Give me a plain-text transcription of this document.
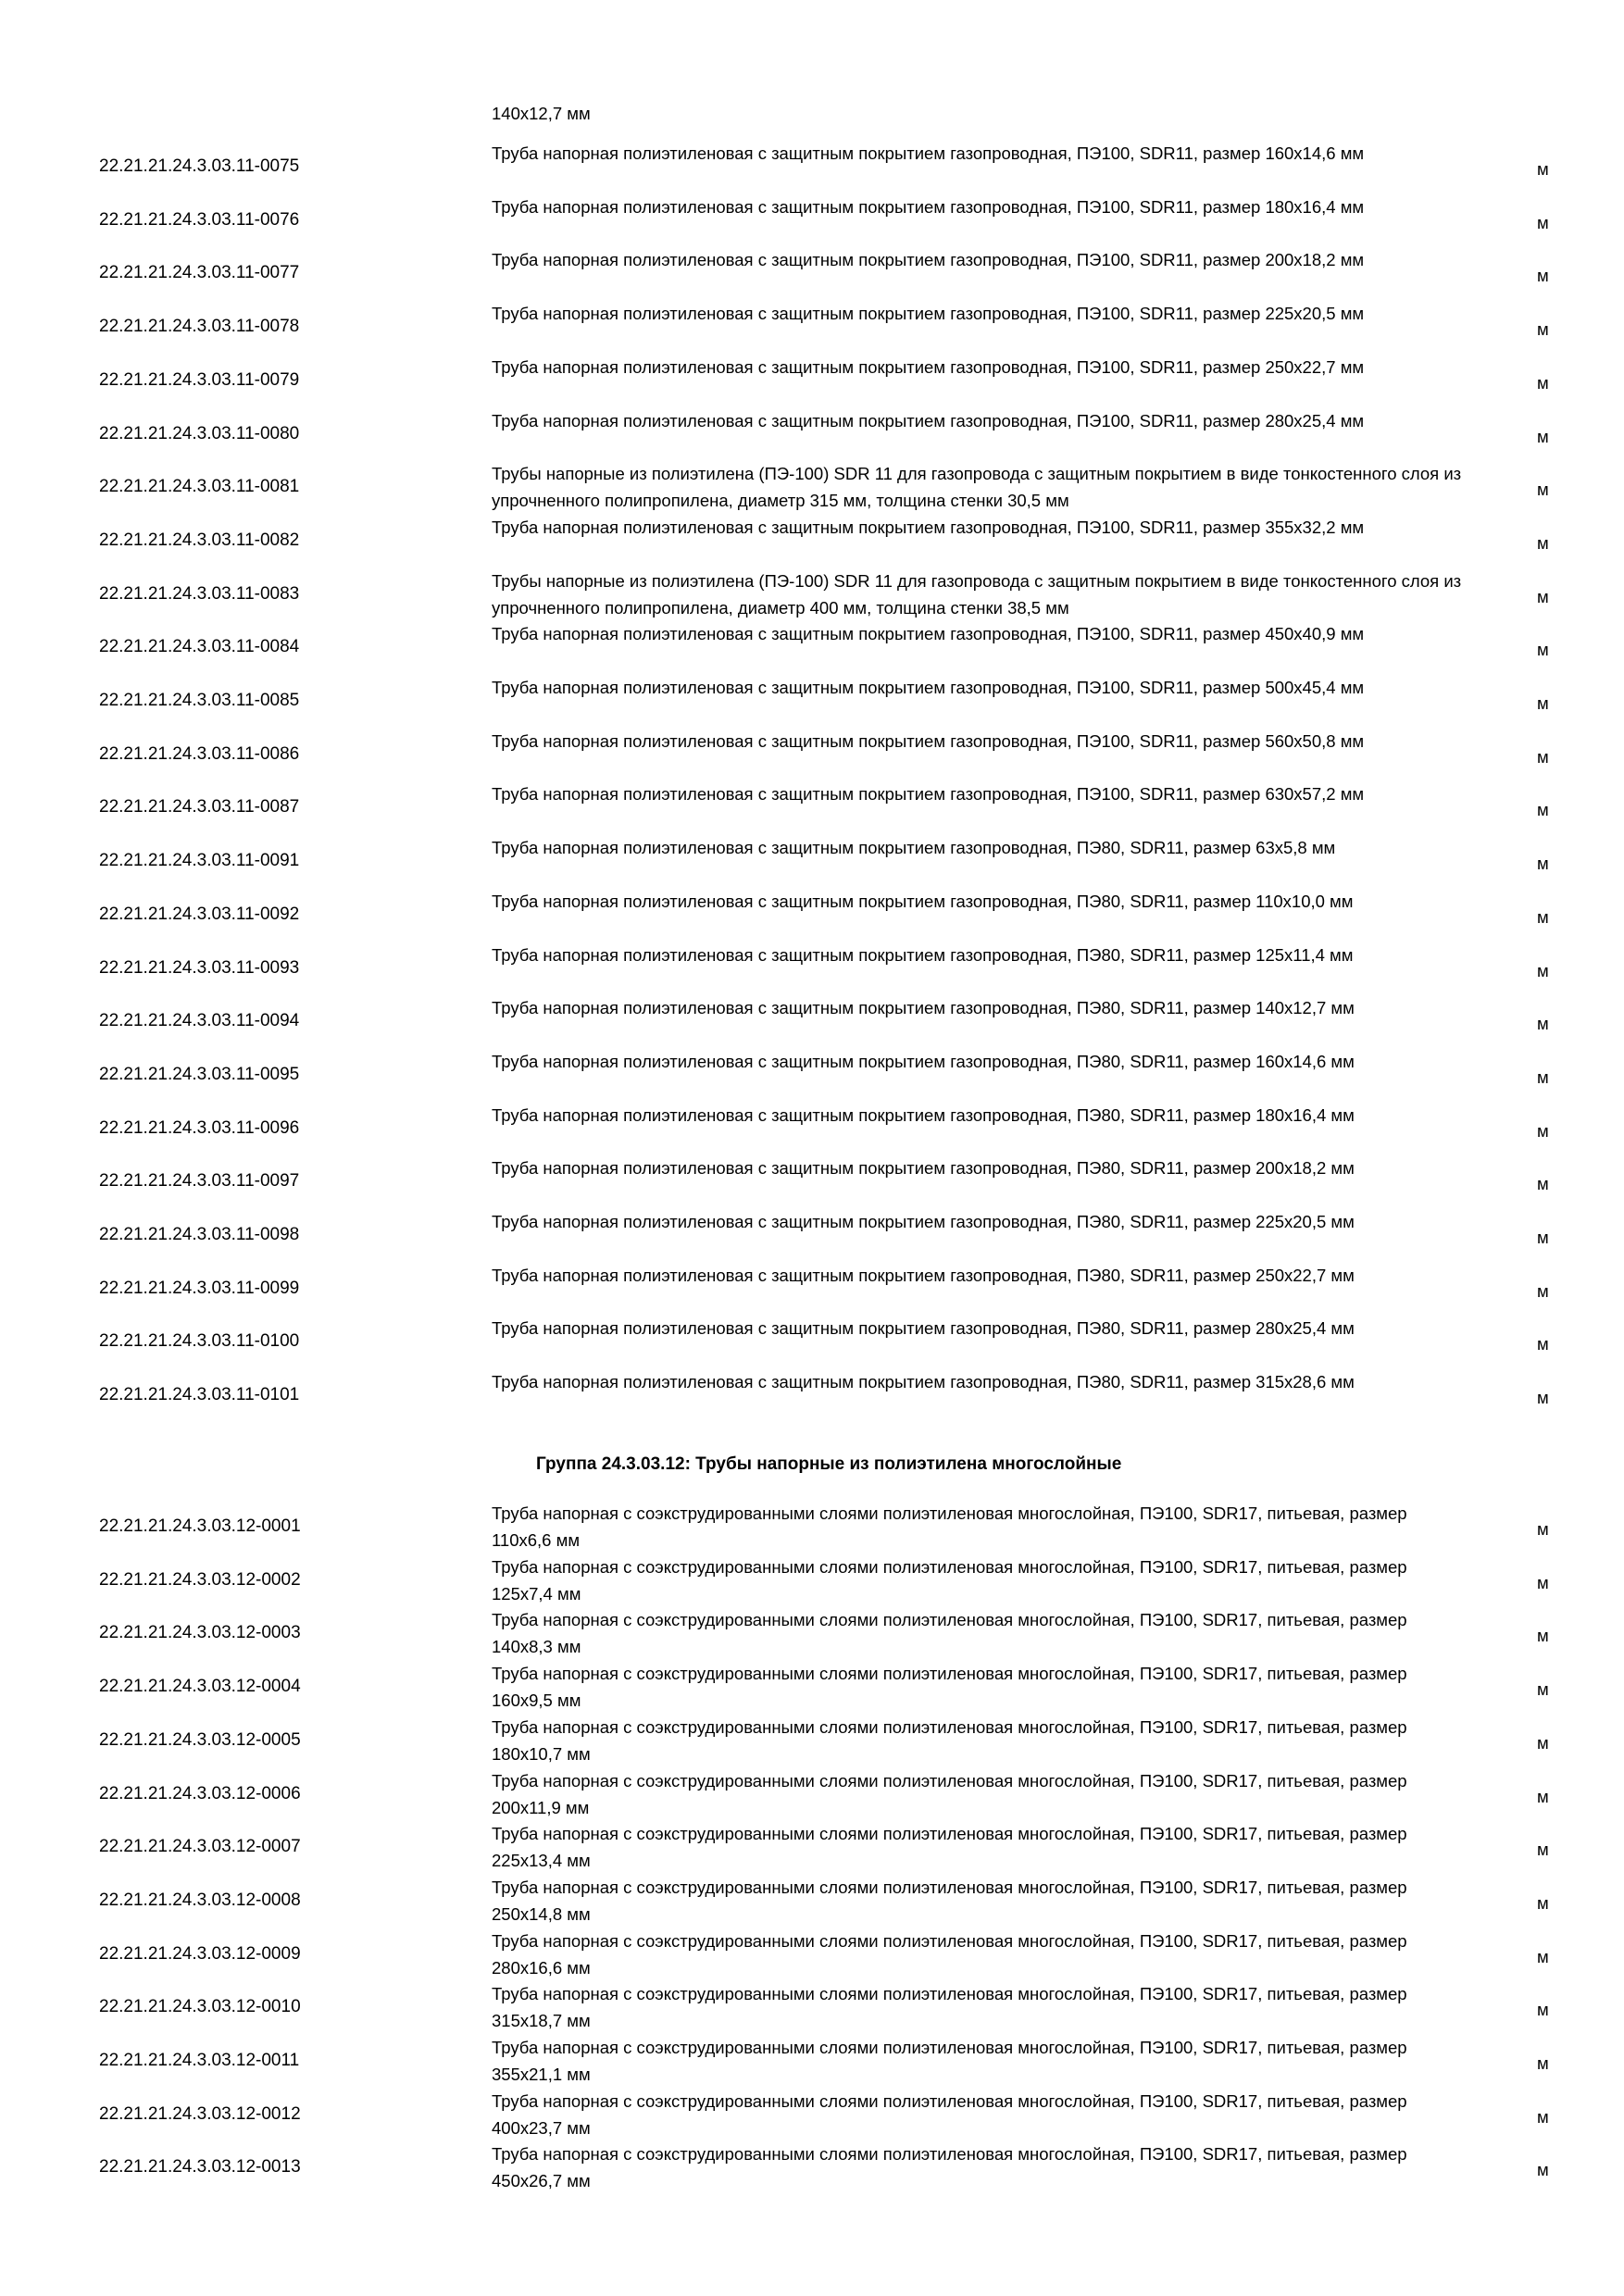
140x12,7 мм
22.21.21.24.3.03.11-0075
Труба напорная полиэтиленовая с защитным покрытием газопроводная, ПЭ100, SDR11, размер 160x14,6 мм
м
22.21.21.24.3.03.11-0076
Труба напорная полиэтиленовая с защитным покрытием газопроводная, ПЭ100, SDR11, размер 180x16,4 мм
м
22.21.21.24.3.03.11-0077
Труба напорная полиэтиленовая с защитным покрытием газопроводная, ПЭ100, SDR11, размер 200x18,2 мм
м
22.21.21.24.3.03.11-0078
Труба напорная полиэтиленовая с защитным покрытием газопроводная, ПЭ100, SDR11, размер 225x20,5 мм
м
22.21.21.24.3.03.11-0079
Труба напорная полиэтиленовая с защитным покрытием газопроводная, ПЭ100, SDR11, размер 250x22,7 мм
м
22.21.21.24.3.03.11-0080
Труба напорная полиэтиленовая с защитным покрытием газопроводная, ПЭ100, SDR11, размер 280x25,4 мм
м
22.21.21.24.3.03.11-0081
Трубы напорные из полиэтилена (ПЭ-100) SDR 11 для газопровода с защитным покрытием в виде тонкостенного слоя из упрочненного полипропилена, диаметр 315 мм, толщина стенки 30,5 мм
м
22.21.21.24.3.03.11-0082
Труба напорная полиэтиленовая с защитным покрытием газопроводная, ПЭ100, SDR11, размер 355x32,2 мм
м
22.21.21.24.3.03.11-0083
Трубы напорные из полиэтилена (ПЭ-100) SDR 11 для газопровода с защитным покрытием в виде тонкостенного слоя из упрочненного полипропилена, диаметр 400 мм, толщина стенки 38,5 мм
м
22.21.21.24.3.03.11-0084
Труба напорная полиэтиленовая с защитным покрытием газопроводная, ПЭ100, SDR11, размер 450x40,9 мм
м
22.21.21.24.3.03.11-0085
Труба напорная полиэтиленовая с защитным покрытием газопроводная, ПЭ100, SDR11, размер 500x45,4 мм
м
22.21.21.24.3.03.11-0086
Труба напорная полиэтиленовая с защитным покрытием газопроводная, ПЭ100, SDR11, размер 560x50,8 мм
м
22.21.21.24.3.03.11-0087
Труба напорная полиэтиленовая с защитным покрытием газопроводная, ПЭ100, SDR11, размер 630x57,2 мм
м
22.21.21.24.3.03.11-0091
Труба напорная полиэтиленовая с защитным покрытием газопроводная, ПЭ80, SDR11, размер 63x5,8 мм
м
22.21.21.24.3.03.11-0092
Труба напорная полиэтиленовая с защитным покрытием газопроводная, ПЭ80, SDR11, размер 110x10,0 мм
м
22.21.21.24.3.03.11-0093
Труба напорная полиэтиленовая с защитным покрытием газопроводная, ПЭ80, SDR11, размер 125x11,4 мм
м
22.21.21.24.3.03.11-0094
Труба напорная полиэтиленовая с защитным покрытием газопроводная, ПЭ80, SDR11, размер 140x12,7 мм
м
22.21.21.24.3.03.11-0095
Труба напорная полиэтиленовая с защитным покрытием газопроводная, ПЭ80, SDR11, размер 160x14,6 мм
м
22.21.21.24.3.03.11-0096
Труба напорная полиэтиленовая с защитным покрытием газопроводная, ПЭ80, SDR11, размер 180x16,4 мм
м
22.21.21.24.3.03.11-0097
Труба напорная полиэтиленовая с защитным покрытием газопроводная, ПЭ80, SDR11, размер 200x18,2 мм
м
22.21.21.24.3.03.11-0098
Труба напорная полиэтиленовая с защитным покрытием газопроводная, ПЭ80, SDR11, размер 225x20,5 мм
м
22.21.21.24.3.03.11-0099
Труба напорная полиэтиленовая с защитным покрытием газопроводная, ПЭ80, SDR11, размер 250x22,7 мм
м
22.21.21.24.3.03.11-0100
Труба напорная полиэтиленовая с защитным покрытием газопроводная, ПЭ80, SDR11, размер 280x25,4 мм
м
22.21.21.24.3.03.11-0101
Труба напорная полиэтиленовая с защитным покрытием газопроводная, ПЭ80, SDR11, размер 315x28,6 мм
м
Группа 24.3.03.12: Трубы напорные из полиэтилена многослойные
22.21.21.24.3.03.12-0001
Труба напорная с соэкструдированными слоями полиэтиленовая многослойная, ПЭ100, SDR17, питьевая, размер 110x6,6 мм
м
22.21.21.24.3.03.12-0002
Труба напорная с соэкструдированными слоями полиэтиленовая многослойная, ПЭ100, SDR17, питьевая, размер 125x7,4 мм
м
22.21.21.24.3.03.12-0003
Труба напорная с соэкструдированными слоями полиэтиленовая многослойная, ПЭ100, SDR17, питьевая, размер 140x8,3 мм
м
22.21.21.24.3.03.12-0004
Труба напорная с соэкструдированными слоями полиэтиленовая многослойная, ПЭ100, SDR17, питьевая, размер 160x9,5 мм
м
22.21.21.24.3.03.12-0005
Труба напорная с соэкструдированными слоями полиэтиленовая многослойная, ПЭ100, SDR17, питьевая, размер 180x10,7 мм
м
22.21.21.24.3.03.12-0006
Труба напорная с соэкструдированными слоями полиэтиленовая многослойная, ПЭ100, SDR17, питьевая, размер 200x11,9 мм
м
22.21.21.24.3.03.12-0007
Труба напорная с соэкструдированными слоями полиэтиленовая многослойная, ПЭ100, SDR17, питьевая, размер 225x13,4 мм
м
22.21.21.24.3.03.12-0008
Труба напорная с соэкструдированными слоями полиэтиленовая многослойная, ПЭ100, SDR17, питьевая, размер 250x14,8 мм
м
22.21.21.24.3.03.12-0009
Труба напорная с соэкструдированными слоями полиэтиленовая многослойная, ПЭ100, SDR17, питьевая, размер 280x16,6 мм
м
22.21.21.24.3.03.12-0010
Труба напорная с соэкструдированными слоями полиэтиленовая многослойная, ПЭ100, SDR17, питьевая, размер 315x18,7 мм
м
22.21.21.24.3.03.12-0011
Труба напорная с соэкструдированными слоями полиэтиленовая многослойная, ПЭ100, SDR17, питьевая, размер 355x21,1 мм
м
22.21.21.24.3.03.12-0012
Труба напорная с соэкструдированными слоями полиэтиленовая многослойная, ПЭ100, SDR17, питьевая, размер 400x23,7 мм
м
22.21.21.24.3.03.12-0013
Труба напорная с соэкструдированными слоями полиэтиленовая многослойная, ПЭ100, SDR17, питьевая, размер 450x26,7 мм
м
